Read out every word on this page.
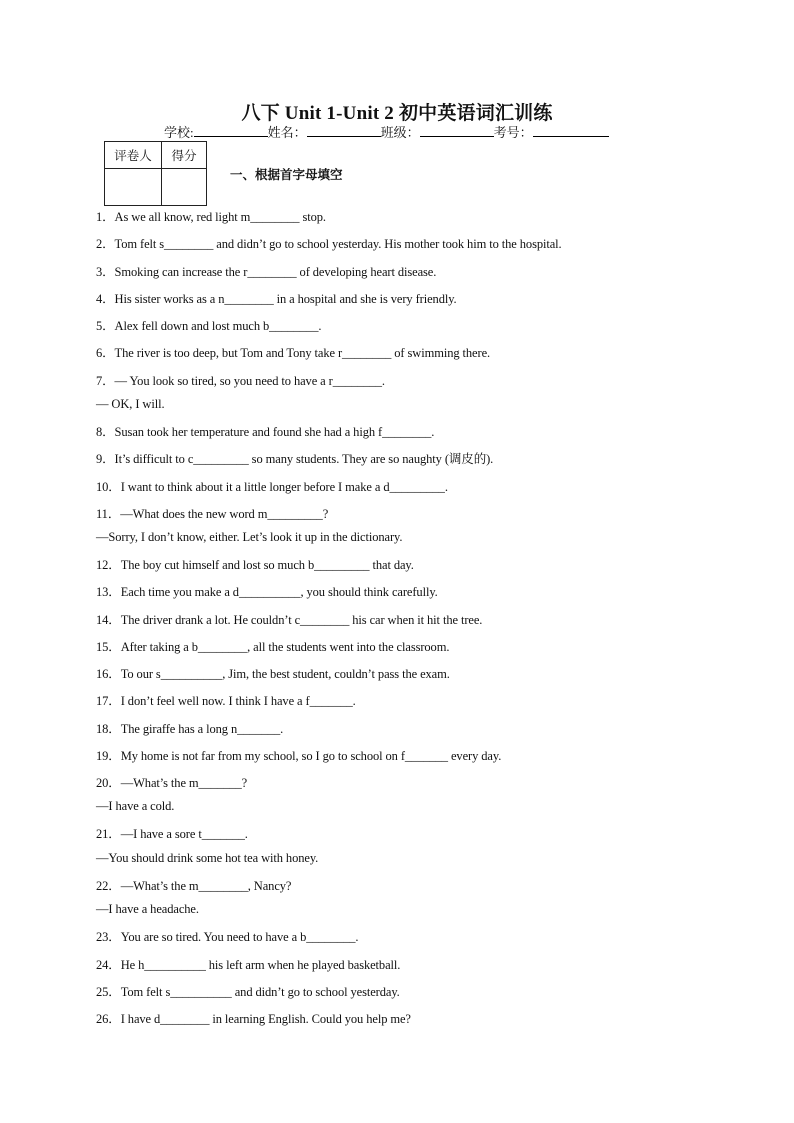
八下 Unit 1-Unit 2 初中英语词汇训练
学校:	姓名：	班级：	考号：
评卷人	得分

一、根据首字母填空
1．As we all know, red light m________ stop.
2．Tom felt s________ and didn’t go to school yesterday. His mother took him to the hospital.
3．Smoking can increase the r________ of developing heart disease.
4．His sister works as a n________ in a hospital and she is very friendly.
5．Alex fell down and lost much b________.
6．The river is too deep, but Tom and Tony take r________ of swimming there.
7．— You look so tired, so you need to have a r________.
— OK, I will.
8．Susan took her temperature and found she had a high f________.
9．It’s difficult to c_________ so many students. They are so naughty (调皮的).
10．I want to think about it a little longer before I make a d_________.
11．—What does the new word m_________?
—Sorry, I don’t know, either. Let’s look it up in the dictionary.
12．The boy cut himself and lost so much b_________ that day.
13．Each time you make a d__________, you should think carefully.
14．The driver drank a lot. He couldn’t c________ his car when it hit the tree.
15．After taking a b________, all the students went into the classroom.
16．To our s__________, Jim, the best student, couldn’t pass the exam.
17．I don’t feel well now. I think I have a f_______.
18．The giraffe has a long n_______.
19．My home is not far from my school, so I go to school on f_______ every day.
20．—What’s the m_______?
—I have a cold.
21．—I have a sore t_______.
—You should drink some hot tea with honey.
22．—What’s the m________, Nancy?
—I have a headache.
23．You are so tired. You need to have a b________.
24．He h__________ his left arm when he played basketball.
25．Tom felt s__________ and didn’t go to school yesterday.
26．I have d________ in learning English. Could you help me?
